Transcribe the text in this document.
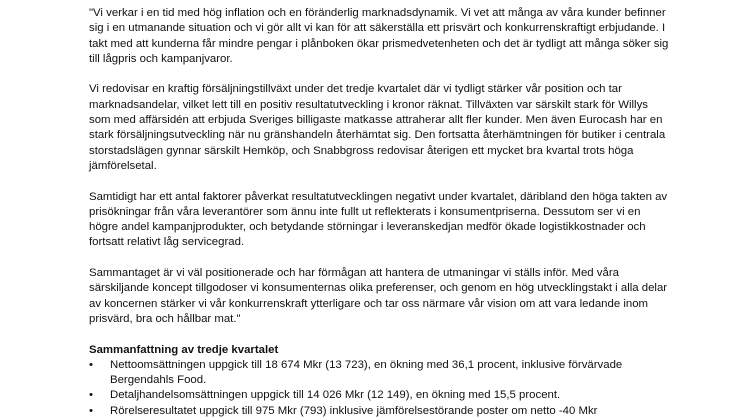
"Vi verkar i en tid med hög inflation och en föränderlig marknadsdynamik. Vi vet att många av våra kunder befinner sig i en utmanande situation och vi gör allt vi kan för att säkerställa ett prisvärt och konkurrenskraftigt erbjudande. I takt med att kunderna får mindre pengar i plånboken ökar prismedvetenheten och det är tydligt att många söker sig till lågpris och kampanjvaror.

Vi redovisar en kraftig försäljningstillväxt under det tredje kvartalet där vi tydligt stärker vår position och tar marknadsandelar, vilket lett till en positiv resultatutveckling i kronor räknat. Tillväxten var särskilt stark för Willys som med affärsidén att erbjuda Sveriges billigaste matkasse attraherar allt fler kunder. Men även Eurocash har en stark försäljningsutveckling när nu gränshandeln återhämtat sig. Den fortsatta återhämtningen för butiker i centrala storstadslägen gynnar särskilt Hemköp, och Snabbgross redovisar återigen ett mycket bra kvartal trots höga jämförelsetal.

Samtidigt har ett antal faktorer påverkat resultatutvecklingen negativt under kvartalet, däribland den höga takten av prisökningar från våra leverantörer som ännu inte fullt ut reflekterats i konsumentpriserna. Dessutom ser vi en högre andel kampanjprodukter, och betydande störningar i leveranskedjan medför ökade logistikkostnader och fortsatt relativt låg servicegrad.

Sammantaget är vi väl positionerade och har förmågan att hantera de utmaningar vi ställs inför. Med våra särskiljande koncept tillgodoser vi konsumenternas olika preferenser, och genom en hög utvecklingstakt i alla delar av koncernen stärker vi vår konkurrenskraft ytterligare och tar oss närmare vår vision om att vara ledande inom prisvärd, bra och hållbar mat."

Sammanfattning av tredje kvartalet

•	Nettoomsättningen uppgick till 18 674 Mkr (13 723), en ökning med 36,1 procent, inklusive förvärvade Bergendahls Food.
•	Detaljhandelsomsättningen uppgick till 14 026 Mkr (12 149), en ökning med 15,5 procent.
•	Rörelseresultatet uppgick till 975 Mkr (793) inklusive jämförelsestörande poster om netto -40 Mkr
